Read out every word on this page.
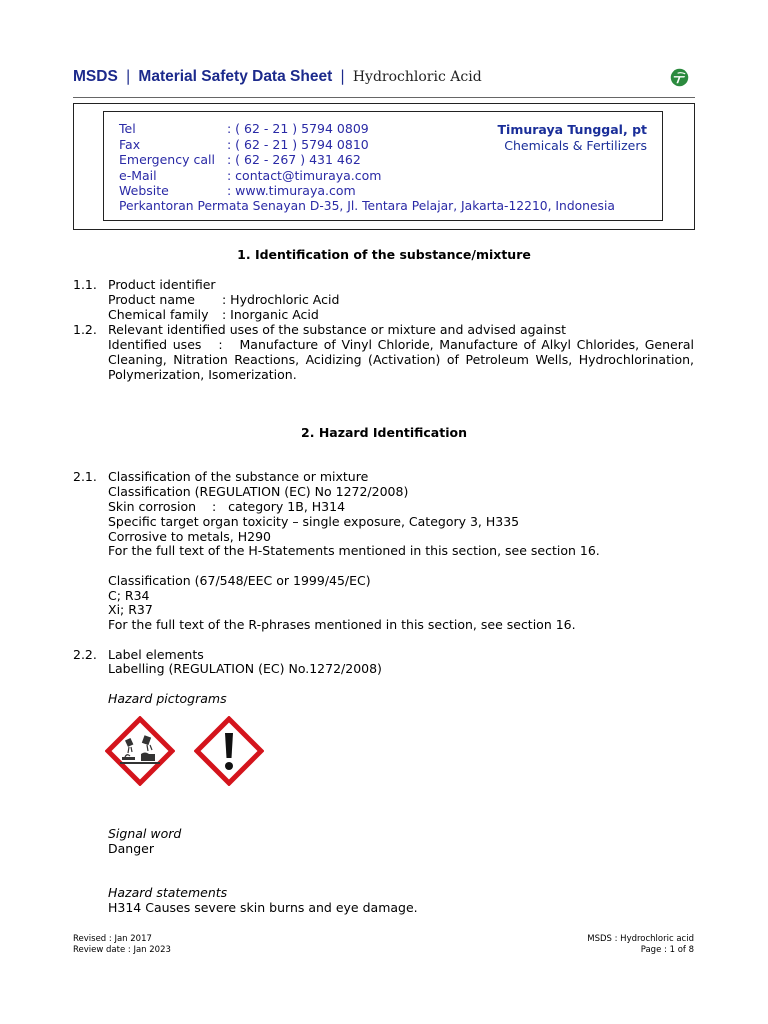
MSDS  |  Material Safety Data Sheet  |  Hydrochloric Acid

Tel

Fax

Emergency call

e-Mail

Website

: ( 62 - 21 ) 5794 0809

: ( 62 - 21 ) 5794 0810

: ( 62 - 267 ) 431 462

: contact@timuraya.com

: www.timuraya.com

Perkantoran Permata Senayan D-35, Jl. Tentara Pelajar, Jakarta-12210, Indonesia
Timuraya Tunggal, pt
Chemicals & Fertilizers
1. Identification of the substance/mixture
1.1. Product identifier
Product name : Hydrochloric Acid
Chemical family : Inorganic Acid
1.2. Relevant identified uses of the substance or mixture and advised against
Identified uses   :   Manufacture of Vinyl Chloride, Manufacture of Alkyl Chlorides, General Cleaning, Nitration Reactions, Acidizing (Activation) of Petroleum Wells, Hydrochlorination, Polymerization, Isomerization.
2. Hazard Identification
2.1. Classification of the substance or mixture
Classification (REGULATION (EC) No 1272/2008)
Skin corrosion    :   category 1B, H314
Specific target organ toxicity – single exposure, Category 3, H335
Corrosive to metals, H290
For the full text of the H-Statements mentioned in this section, see section 16.
Classification (67/548/EEC or 1999/45/EC)
C; R34
Xi; R37
For the full text of the R-phrases mentioned in this section, see section 16.
2.2. Label elements
Labelling (REGULATION (EC) No.1272/2008)
Hazard pictograms
Signal word
Danger
Hazard statements
H314 Causes severe skin burns and eye damage.
Revised : Jan 2017
Review date : Jan 2023
MSDS : Hydrochloric acid
Page : 1 of 8
